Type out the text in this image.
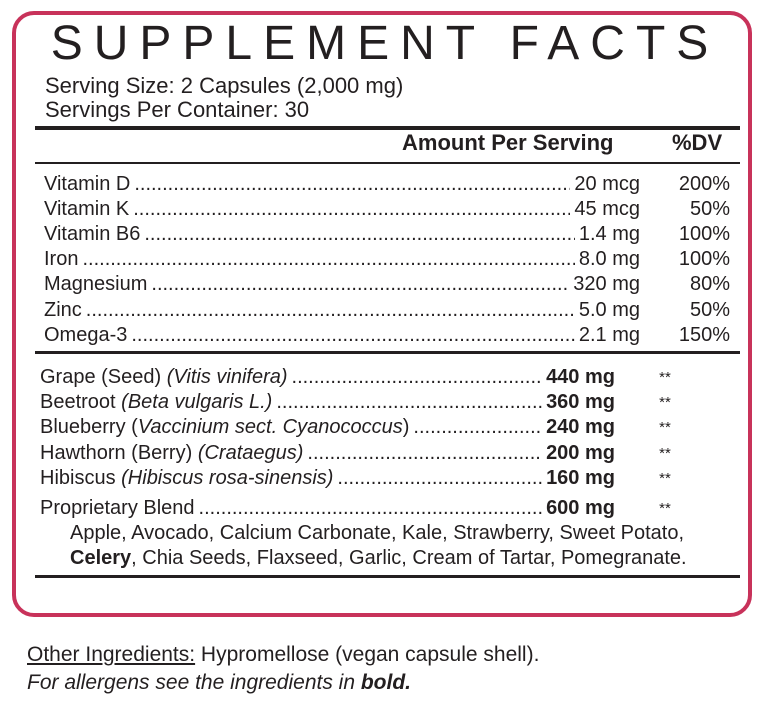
SUPPLEMENT FACTS
Serving Size: 2 Capsules (2,000 mg)
Servings Per Container: 30
Amount Per Serving	%DV
Vitamin D .....	20 mcg	200%
Vitamin K .....	45 mcg	50%
Vitamin B6 .....	1.4 mg	100%
Iron .....	8.0 mg	100%
Magnesium .....	320 mg	80%
Zinc .....	5.0 mg	50%
Omega-3 .....	2.1 mg	150%
Grape (Seed) (Vitis vinifera) .....	440 mg	**
Beetroot (Beta vulgaris L.) .....	360 mg	**
Blueberry (Vaccinium sect. Cyanococcus) .....	240 mg	**
Hawthorn (Berry) (Crataegus) .....	200 mg	**
Hibiscus (Hibiscus rosa-sinensis) .....	160 mg	**
Proprietary Blend .....	600 mg	**
Apple, Avocado, Calcium Carbonate, Kale, Strawberry, Sweet Potato,
Celery, Chia Seeds, Flaxseed, Garlic, Cream of Tartar, Pomegranate.
Other Ingredients: Hypromellose (vegan capsule shell).
For allergens see the ingredients in bold.
